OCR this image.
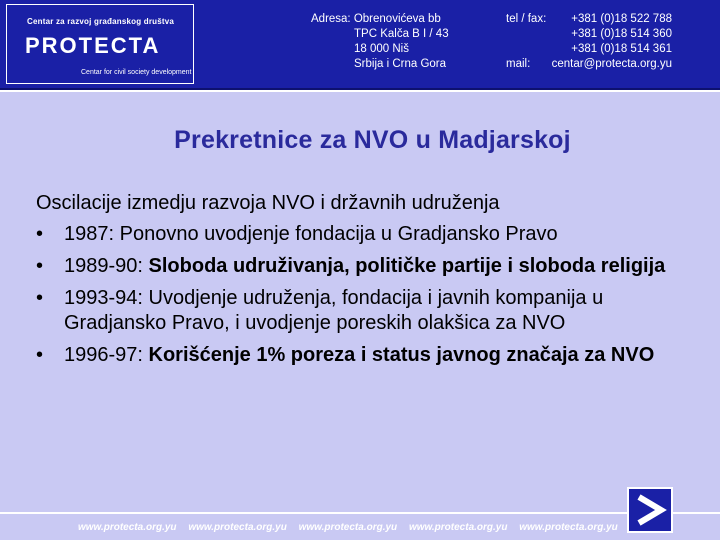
Centar za razvoj građanskog društva
PROTECTA
Centar for civil society development
Adresa: Obrenovićeva bb
TPC Kalča B I / 43
18 000 Niš
Srbija i Crna Gora
tel / fax: +381 (0)18 522 788
+381 (0)18 514 360
+381 (0)18 514 361
mail: centar@protecta.org.yu
Prekretnice za NVO u Madjarskoj

Oscilacije izmedju razvoja NVO i državnih udruženja

•	1987: Ponovno uvodjenje fondacija u Gradjansko Pravo
•	1989-90: Sloboda udruživanja, političke partije i sloboda religija
•	1993-94: Uvodjenje udruženja, fondacija i javnih kompanija u Gradjansko Pravo, i uvodjenje poreskih olakšica za NVO
•	1996-97: Korišćenje 1% poreza i status javnog značaja za NVO
www.protecta.org.yu www.protecta.org.yu www.protecta.org.yu www.protecta.org.yu www.protecta.org.yu
